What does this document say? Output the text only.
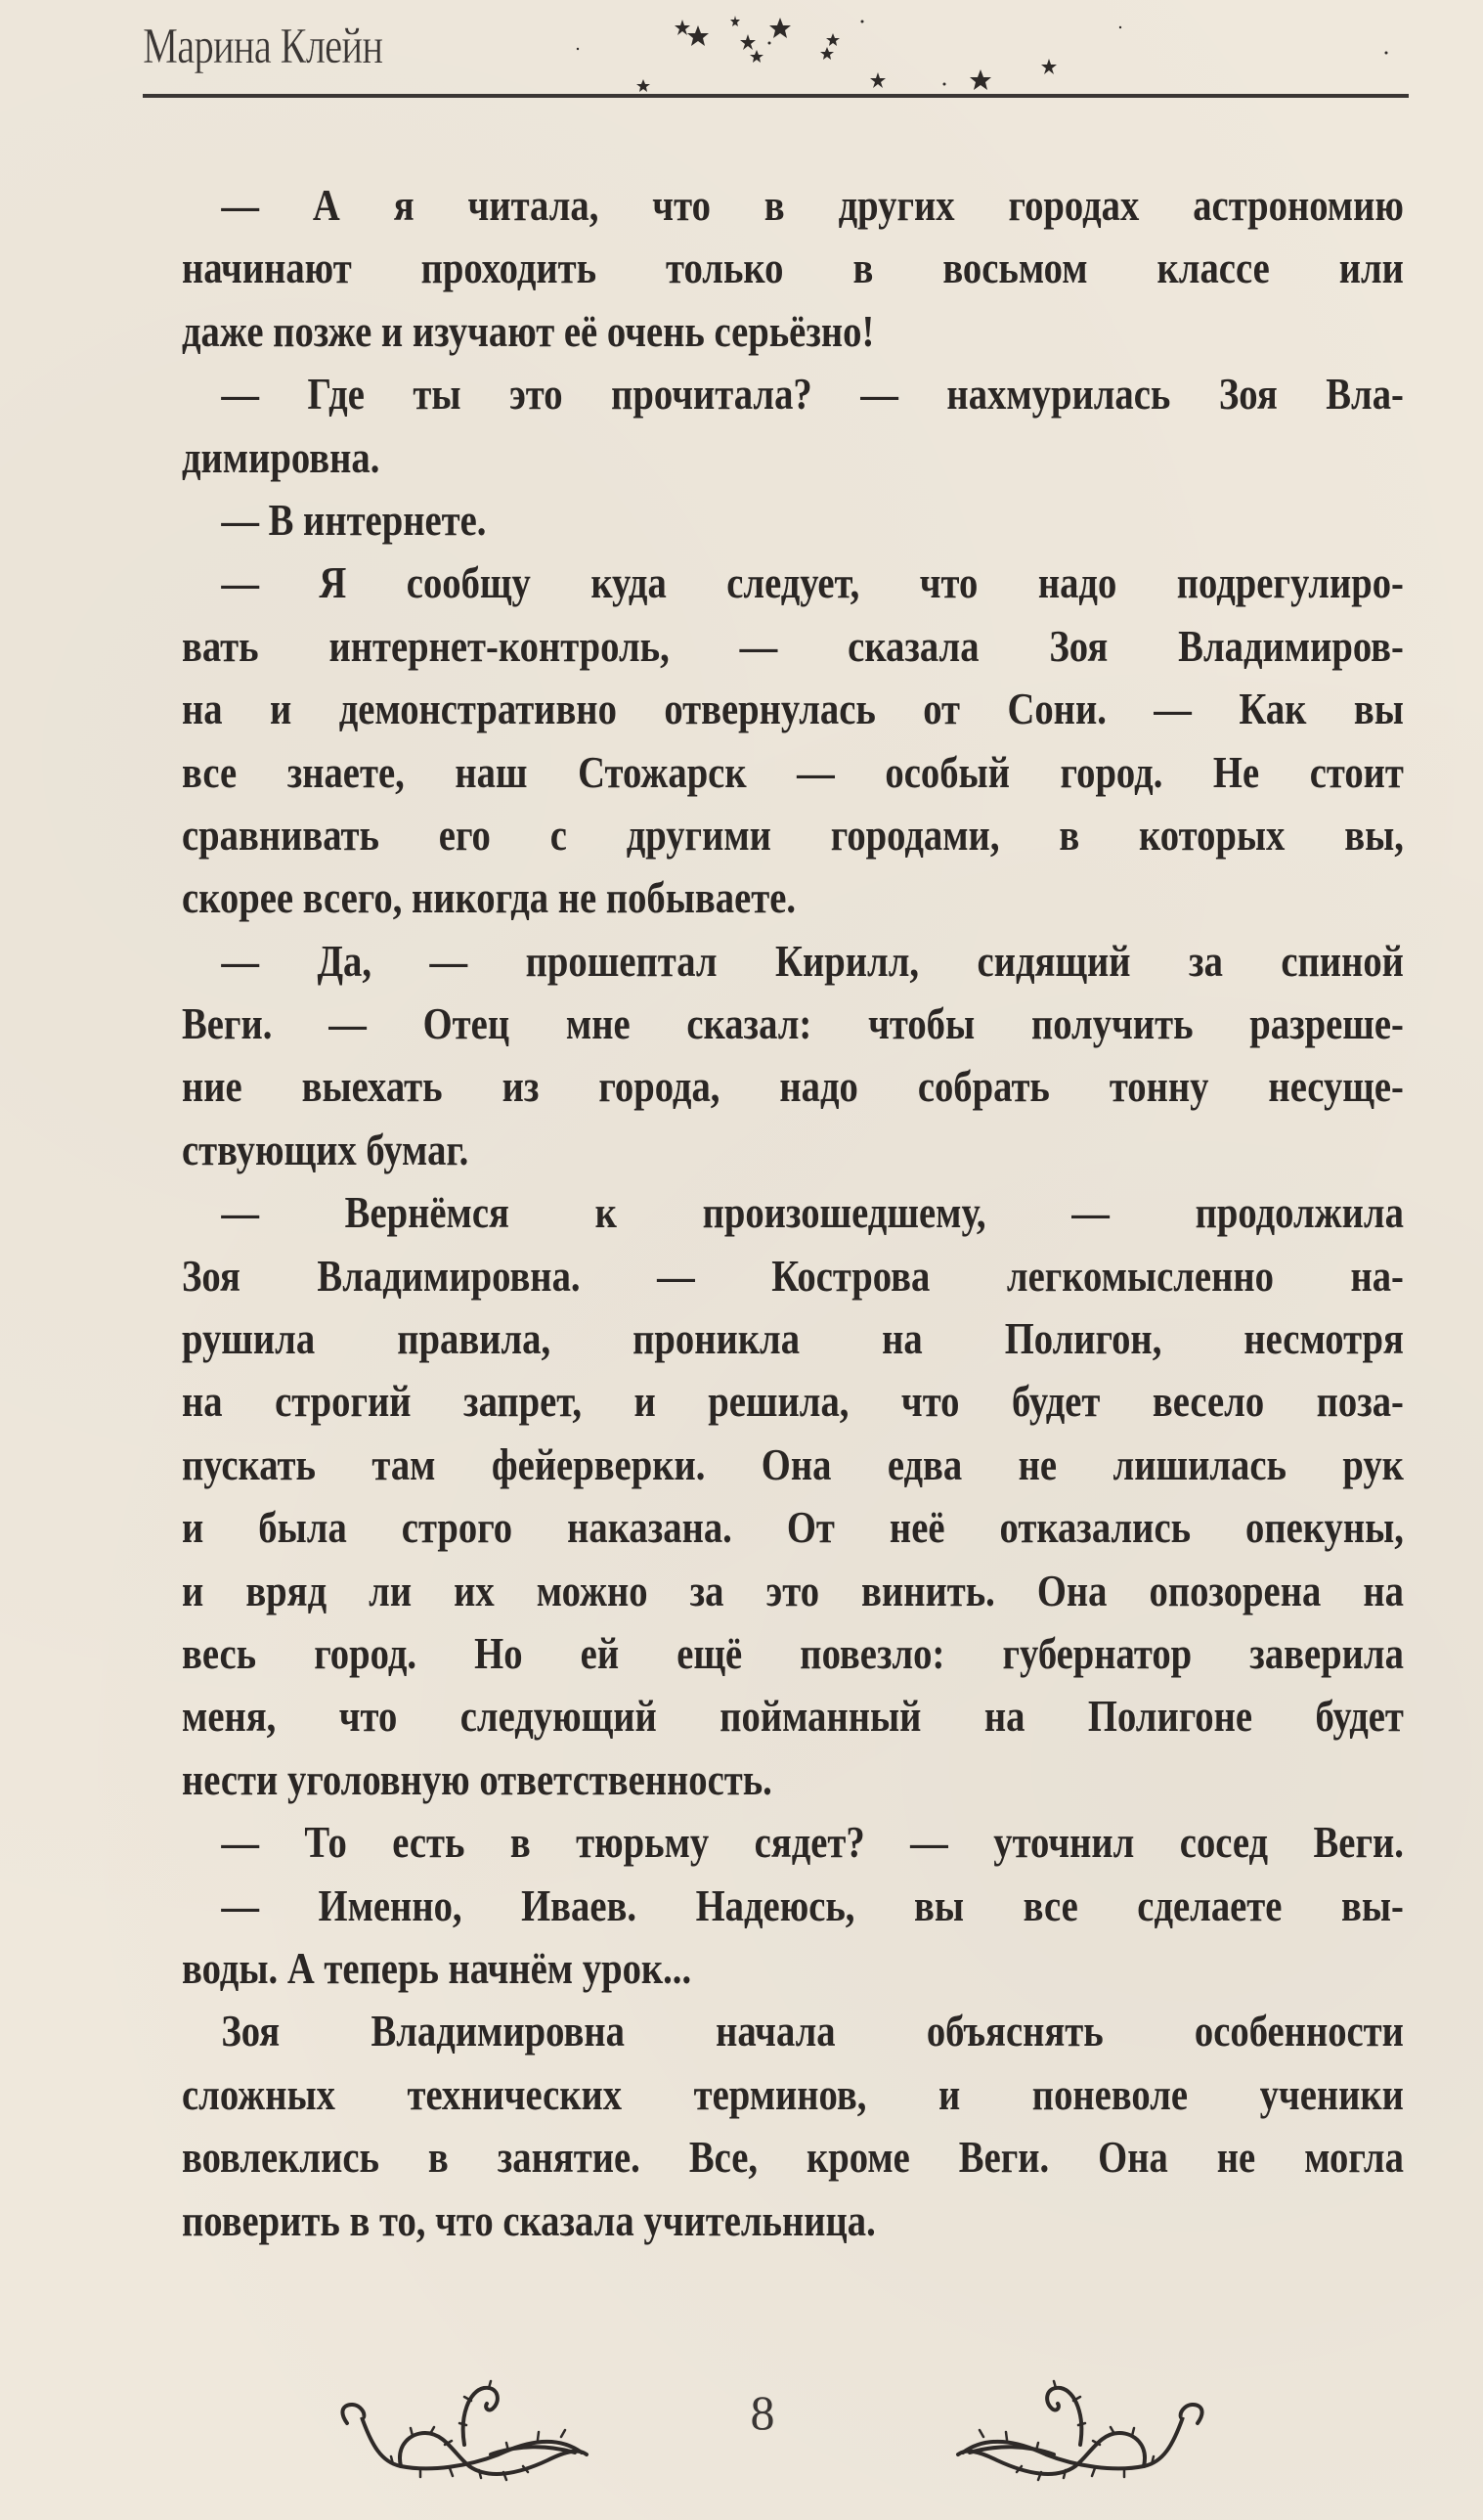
Марина Клейн
— А я читала, что в других городах астрономию
начинают проходить только в восьмом классе или
даже позже и изучают её очень серьёзно!
— Где ты это прочитала? — нахмурилась Зоя Вла-
димировна.
— В интернете.
— Я сообщу куда следует, что надо подрегулиро-
вать интернет-контроль, — сказала Зоя Владимиров-
на и демонстративно отвернулась от Сони. — Как вы
все знаете, наш Стожарск — особый город. Не стоит
сравнивать его с другими городами, в которых вы,
скорее всего, никогда не побываете.
— Да, — прошептал Кирилл, сидящий за спиной
Веги. — Отец мне сказал: чтобы получить разреше-
ние выехать из города, надо собрать тонну несуще-
ствующих бумаг.
— Вернёмся к произошедшему, — продолжила
Зоя Владимировна. — Кострова легкомысленно на-
рушила правила, проникла на Полигон, несмотря
на строгий запрет, и решила, что будет весело поза-
пускать там фейерверки. Она едва не лишилась рук
и была строго наказана. От неё отказались опекуны,
и вряд ли их можно за это винить. Она опозорена на
весь город. Но ей ещё повезло: губернатор заверила
меня, что следующий пойманный на Полигоне будет
нести уголовную ответственность.
— То есть в тюрьму сядет? — уточнил сосед Веги.
— Именно, Иваев. Надеюсь, вы все сделаете вы-
воды. А теперь начнём урок...
Зоя Владимировна начала объяснять особенности
сложных технических терминов, и поневоле ученики
вовлеклись в занятие. Все, кроме Веги. Она не могла
поверить в то, что сказала учительница.
8
